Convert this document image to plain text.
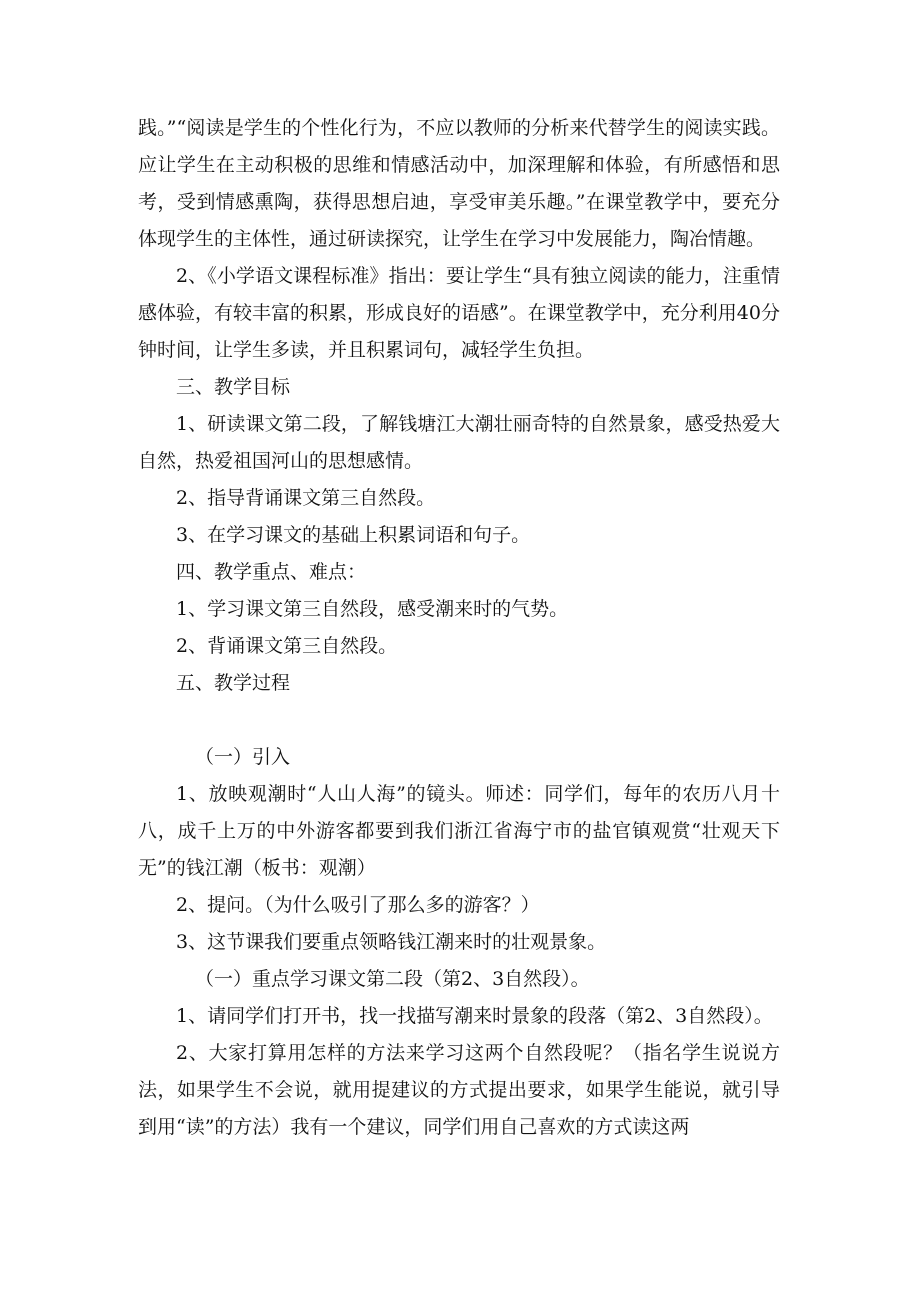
践。”“阅读是学生的个性化行为，不应以教师的分析来代替学生的阅读实践。应让学生在主动积极的思维和情感活动中，加深理解和体验，有所感悟和思考，受到情感熏陶，获得思想启迪，享受审美乐趣。”在课堂教学中，要充分体现学生的主体性，通过研读探究，让学生在学习中发展能力，陶冶情趣。

2、《小学语文课程标准》指出：要让学生“具有独立阅读的能力，注重情感体验，有较丰富的积累，形成良好的语感”。在课堂教学中，充分利用40分钟时间，让学生多读，并且积累词句，减轻学生负担。

三、教学目标

1、研读课文第二段，了解钱塘江大潮壮丽奇特的自然景象，感受热爱大自然，热爱祖国河山的思想感情。

2、指导背诵课文第三自然段。

3、在学习课文的基础上积累词语和句子。

四、教学重点、难点：

1、学习课文第三自然段，感受潮来时的气势。

2、背诵课文第三自然段。

五、教学过程

（一）引入

1、放映观潮时“人山人海”的镜头。师述：同学们，每年的农历八月十八，成千上万的中外游客都要到我们浙江省海宁市的盐官镇观赏“壮观天下无”的钱江潮（板书：观潮）

2、提问。（为什么吸引了那么多的游客？）

3、这节课我们要重点领略钱江潮来时的壮观景象。

（一）重点学习课文第二段（第2、3自然段）。

1、请同学们打开书，找一找描写潮来时景象的段落（第2、3自然段）。

2、大家打算用怎样的方法来学习这两个自然段呢？（指名学生说说方法，如果学生不会说，就用提建议的方式提出要求，如果学生能说，就引导到用“读”的方法）我有一个建议，同学们用自己喜欢的方式读这两
